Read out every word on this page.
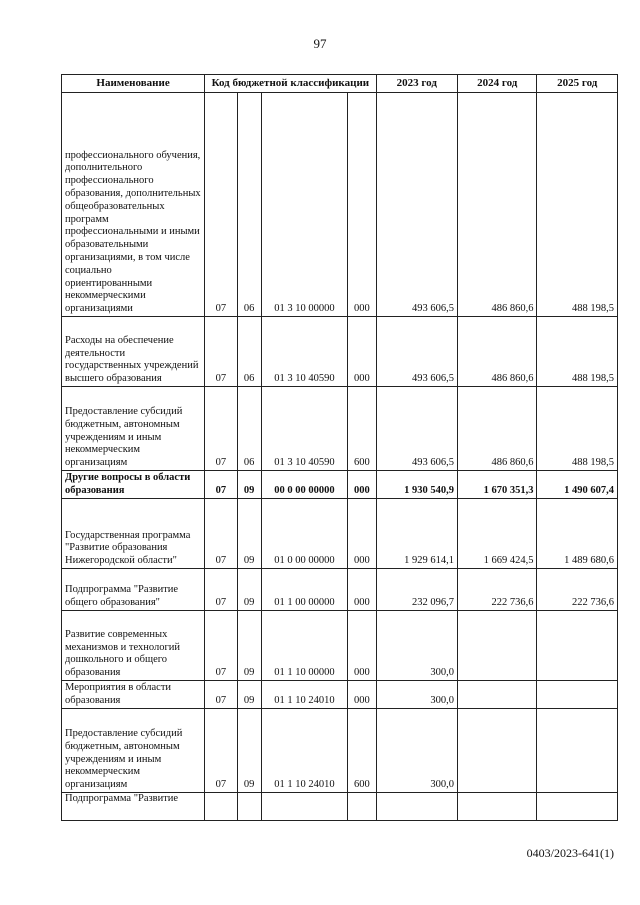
97
Наименование	Код бюджетной классификации				2023 год	2024 год	2025 год
профессионального обучения, дополнительного профессионального образования, дополнительных общеобразовательных программ профессиональными и иными образовательными организациями, в том числе социально ориентированными некоммерческими организациями	07	06	01 3 10 00000	000	493 606,5	486 860,6	488 198,5
Расходы на обеспечение деятельности государственных учреждений высшего образования	07	06	01 3 10 40590	000	493 606,5	486 860,6	488 198,5
Предоставление субсидий бюджетным, автономным учреждениям и иным некоммерческим организациям	07	06	01 3 10 40590	600	493 606,5	486 860,6	488 198,5
Другие вопросы в области образования	07	09	00 0 00 00000	000	1 930 540,9	1 670 351,3	1 490 607,4
Государственная программа "Развитие образования Нижегородской области"	07	09	01 0 00 00000	000	1 929 614,1	1 669 424,5	1 489 680,6
Подпрограмма "Развитие общего образования"	07	09	01 1 00 00000	000	232 096,7	222 736,6	222 736,6
Развитие современных механизмов и технологий дошкольного и общего образования	07	09	01 1 10 00000	000	300,0		
Мероприятия в области образования	07	09	01 1 10 24010	000	300,0		
Предоставление субсидий бюджетным, автономным учреждениям и иным некоммерческим организациям	07	09	01 1 10 24010	600	300,0		
Подпрограмма "Развитие							
0403/2023-641(1)
